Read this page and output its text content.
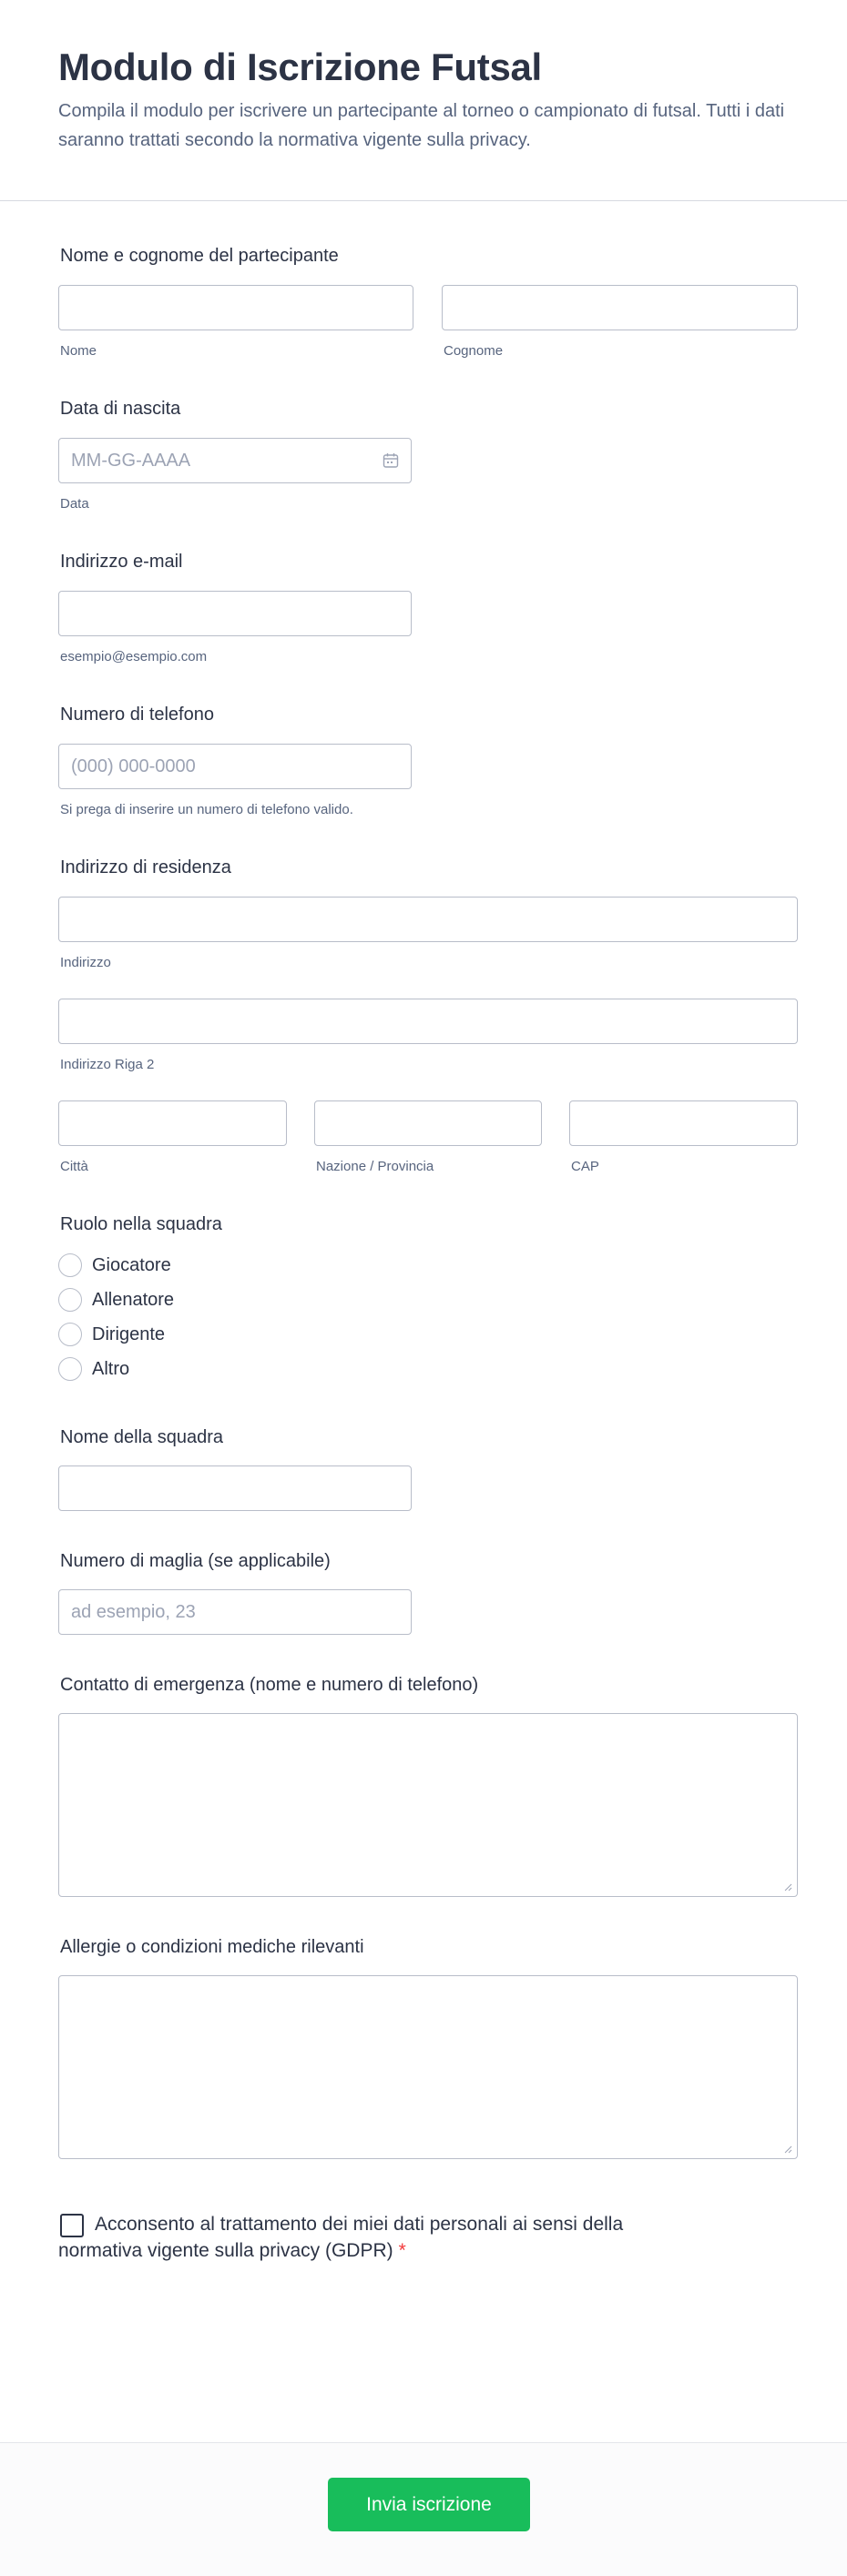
Modulo di Iscrizione Futsal

Compila il modulo per iscrivere un partecipante al torneo o campionato di futsal. Tutti i dati saranno trattati secondo la normativa vigente sulla privacy.

Nome e cognome del partecipante
Nome	Cognome
Data di nascita
MM-GG-AAAA
Data
Indirizzo e-mail
esempio@esempio.com
Numero di telefono
(000) 000-0000
Si prega di inserire un numero di telefono valido.
Indirizzo di residenza
Indirizzo
Indirizzo Riga 2
Città	Nazione / Provincia	CAP
Ruolo nella squadra
Giocatore
Allenatore
Dirigente
Altro
Nome della squadra
Numero di maglia (se applicabile)
ad esempio, 23
Contatto di emergenza (nome e numero di telefono)
Allergie o condizioni mediche rilevanti
Acconsento al trattamento dei miei dati personali ai sensi della normativa vigente sulla privacy (GDPR) *
Invia iscrizione
